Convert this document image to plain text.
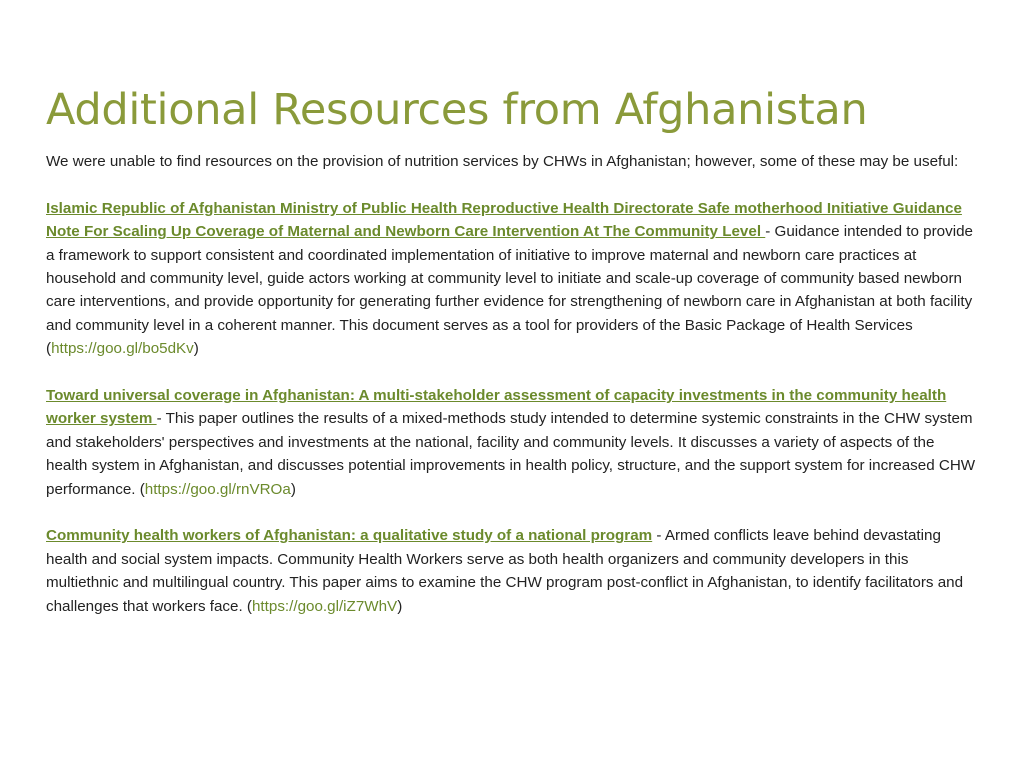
Additional Resources from Afghanistan

We were unable to find resources on the provision of nutrition services by CHWs in Afghanistan; however, some of these may be useful:

Islamic Republic of Afghanistan Ministry of Public Health Reproductive Health Directorate Safe motherhood Initiative Guidance Note For Scaling Up Coverage of Maternal and Newborn Care Intervention At The Community Level - Guidance intended to provide a framework to support consistent and coordinated implementation of initiative to improve maternal and newborn care practices at household and community level, guide actors working at community level to initiate and scale-up coverage of community based newborn care interventions, and provide opportunity for generating further evidence for strengthening of newborn care in Afghanistan at both facility and community level in a coherent manner. This document serves as a tool for providers of the Basic Package of Health Services (https://goo.gl/bo5dKv)

Toward universal coverage in Afghanistan: A multi-stakeholder assessment of capacity investments in the community health worker system - This paper outlines the results of a mixed-methods study intended to determine systemic constraints in the CHW system and stakeholders' perspectives and investments at the national, facility and community levels. It discusses a variety of aspects of the health system in Afghanistan, and discusses potential improvements in health policy, structure, and the support system for increased CHW performance. (https://goo.gl/rnVROa)

Community health workers of Afghanistan: a qualitative study of a national program - Armed conflicts leave behind devastating health and social system impacts. Community Health Workers serve as both health organizers and community developers in this multiethnic and multilingual country. This paper aims to examine the CHW program post-conflict in Afghanistan, to identify facilitators and challenges that workers face. (https://goo.gl/iZ7WhV)
